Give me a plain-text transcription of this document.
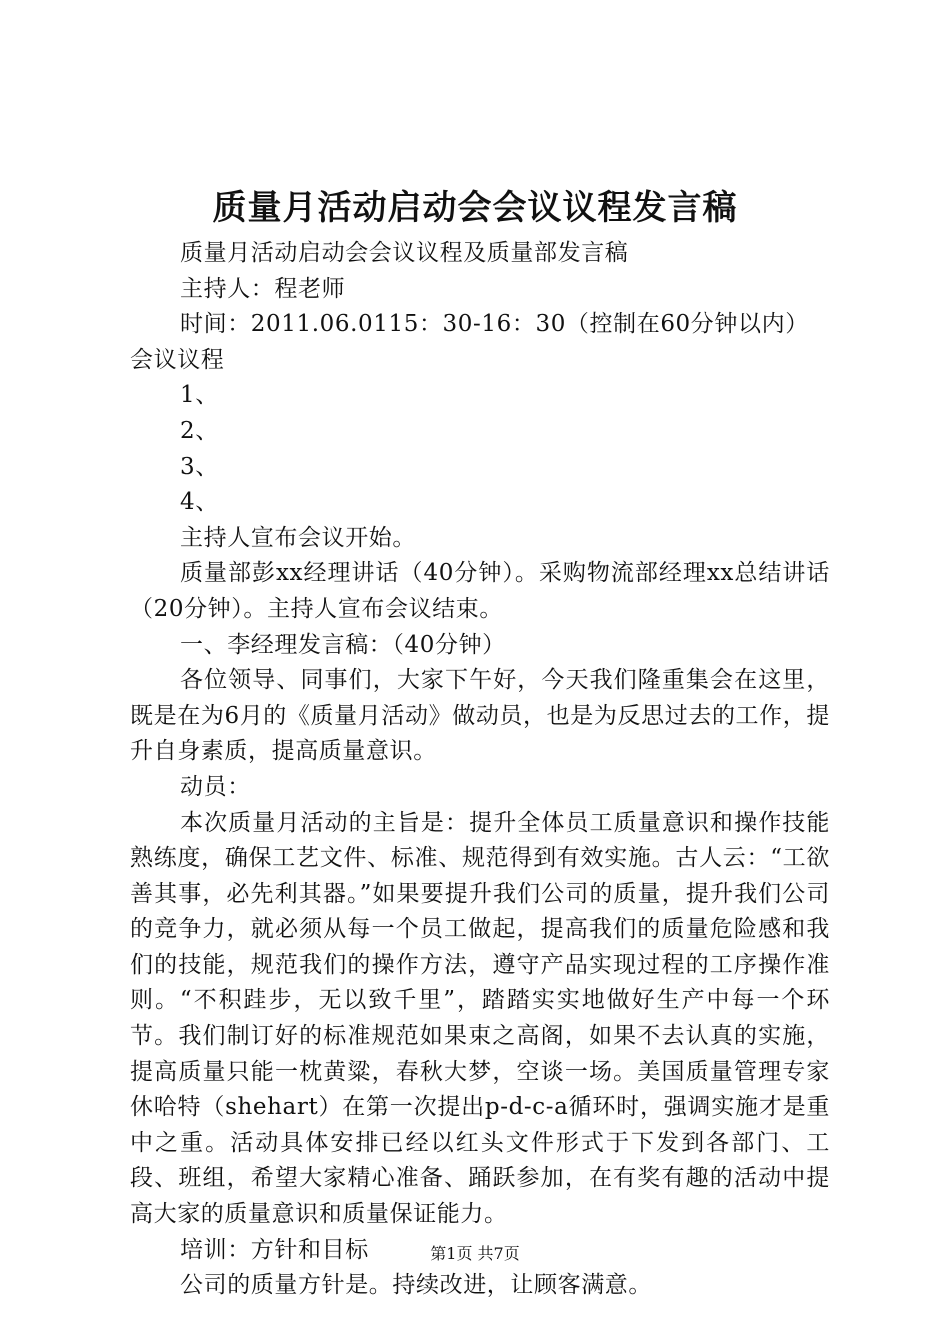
质量月活动启动会会议议程发言稿

质量月活动启动会会议议程及质量部发言稿

主持人：程老师

时间：2011.06.0115：30-16：30（控制在60分钟以内）

会议议程

1、

2、

3、

4、

主持人宣布会议开始。

质量部彭xx经理讲话（40分钟）。采购物流部经理xx总结讲话（20分钟）。主持人宣布会议结束。

一、李经理发言稿：（40分钟）

各位领导、同事们，大家下午好，今天我们隆重集会在这里，既是在为6月的《质量月活动》做动员，也是为反思过去的工作，提升自身素质，提高质量意识。

动员：

本次质量月活动的主旨是：提升全体员工质量意识和操作技能熟练度，确保工艺文件、标准、规范得到有效实施。古人云：“工欲善其事，必先利其器。”如果要提升我们公司的质量，提升我们公司的竞争力，就必须从每一个员工做起，提高我们的质量危险感和我们的技能，规范我们的操作方法，遵守产品实现过程的工序操作准则。“不积跬步，无以致千里”，踏踏实实地做好生产中每一个环节。我们制订好的标准规范如果束之高阁，如果不去认真的实施，提高质量只能一枕黄粱，春秋大梦，空谈一场。美国质量管理专家休哈特（shehart）在第一次提出p-d-c-a循环时，强调实施才是重中之重。活动具体安排已经以红头文件形式于下发到各部门、工段、班组，希望大家精心准备、踊跃参加，在有奖有趣的活动中提高大家的质量意识和质量保证能力。

培训：方针和目标

公司的质量方针是。持续改进，让顾客满意。

第1页 共7页
